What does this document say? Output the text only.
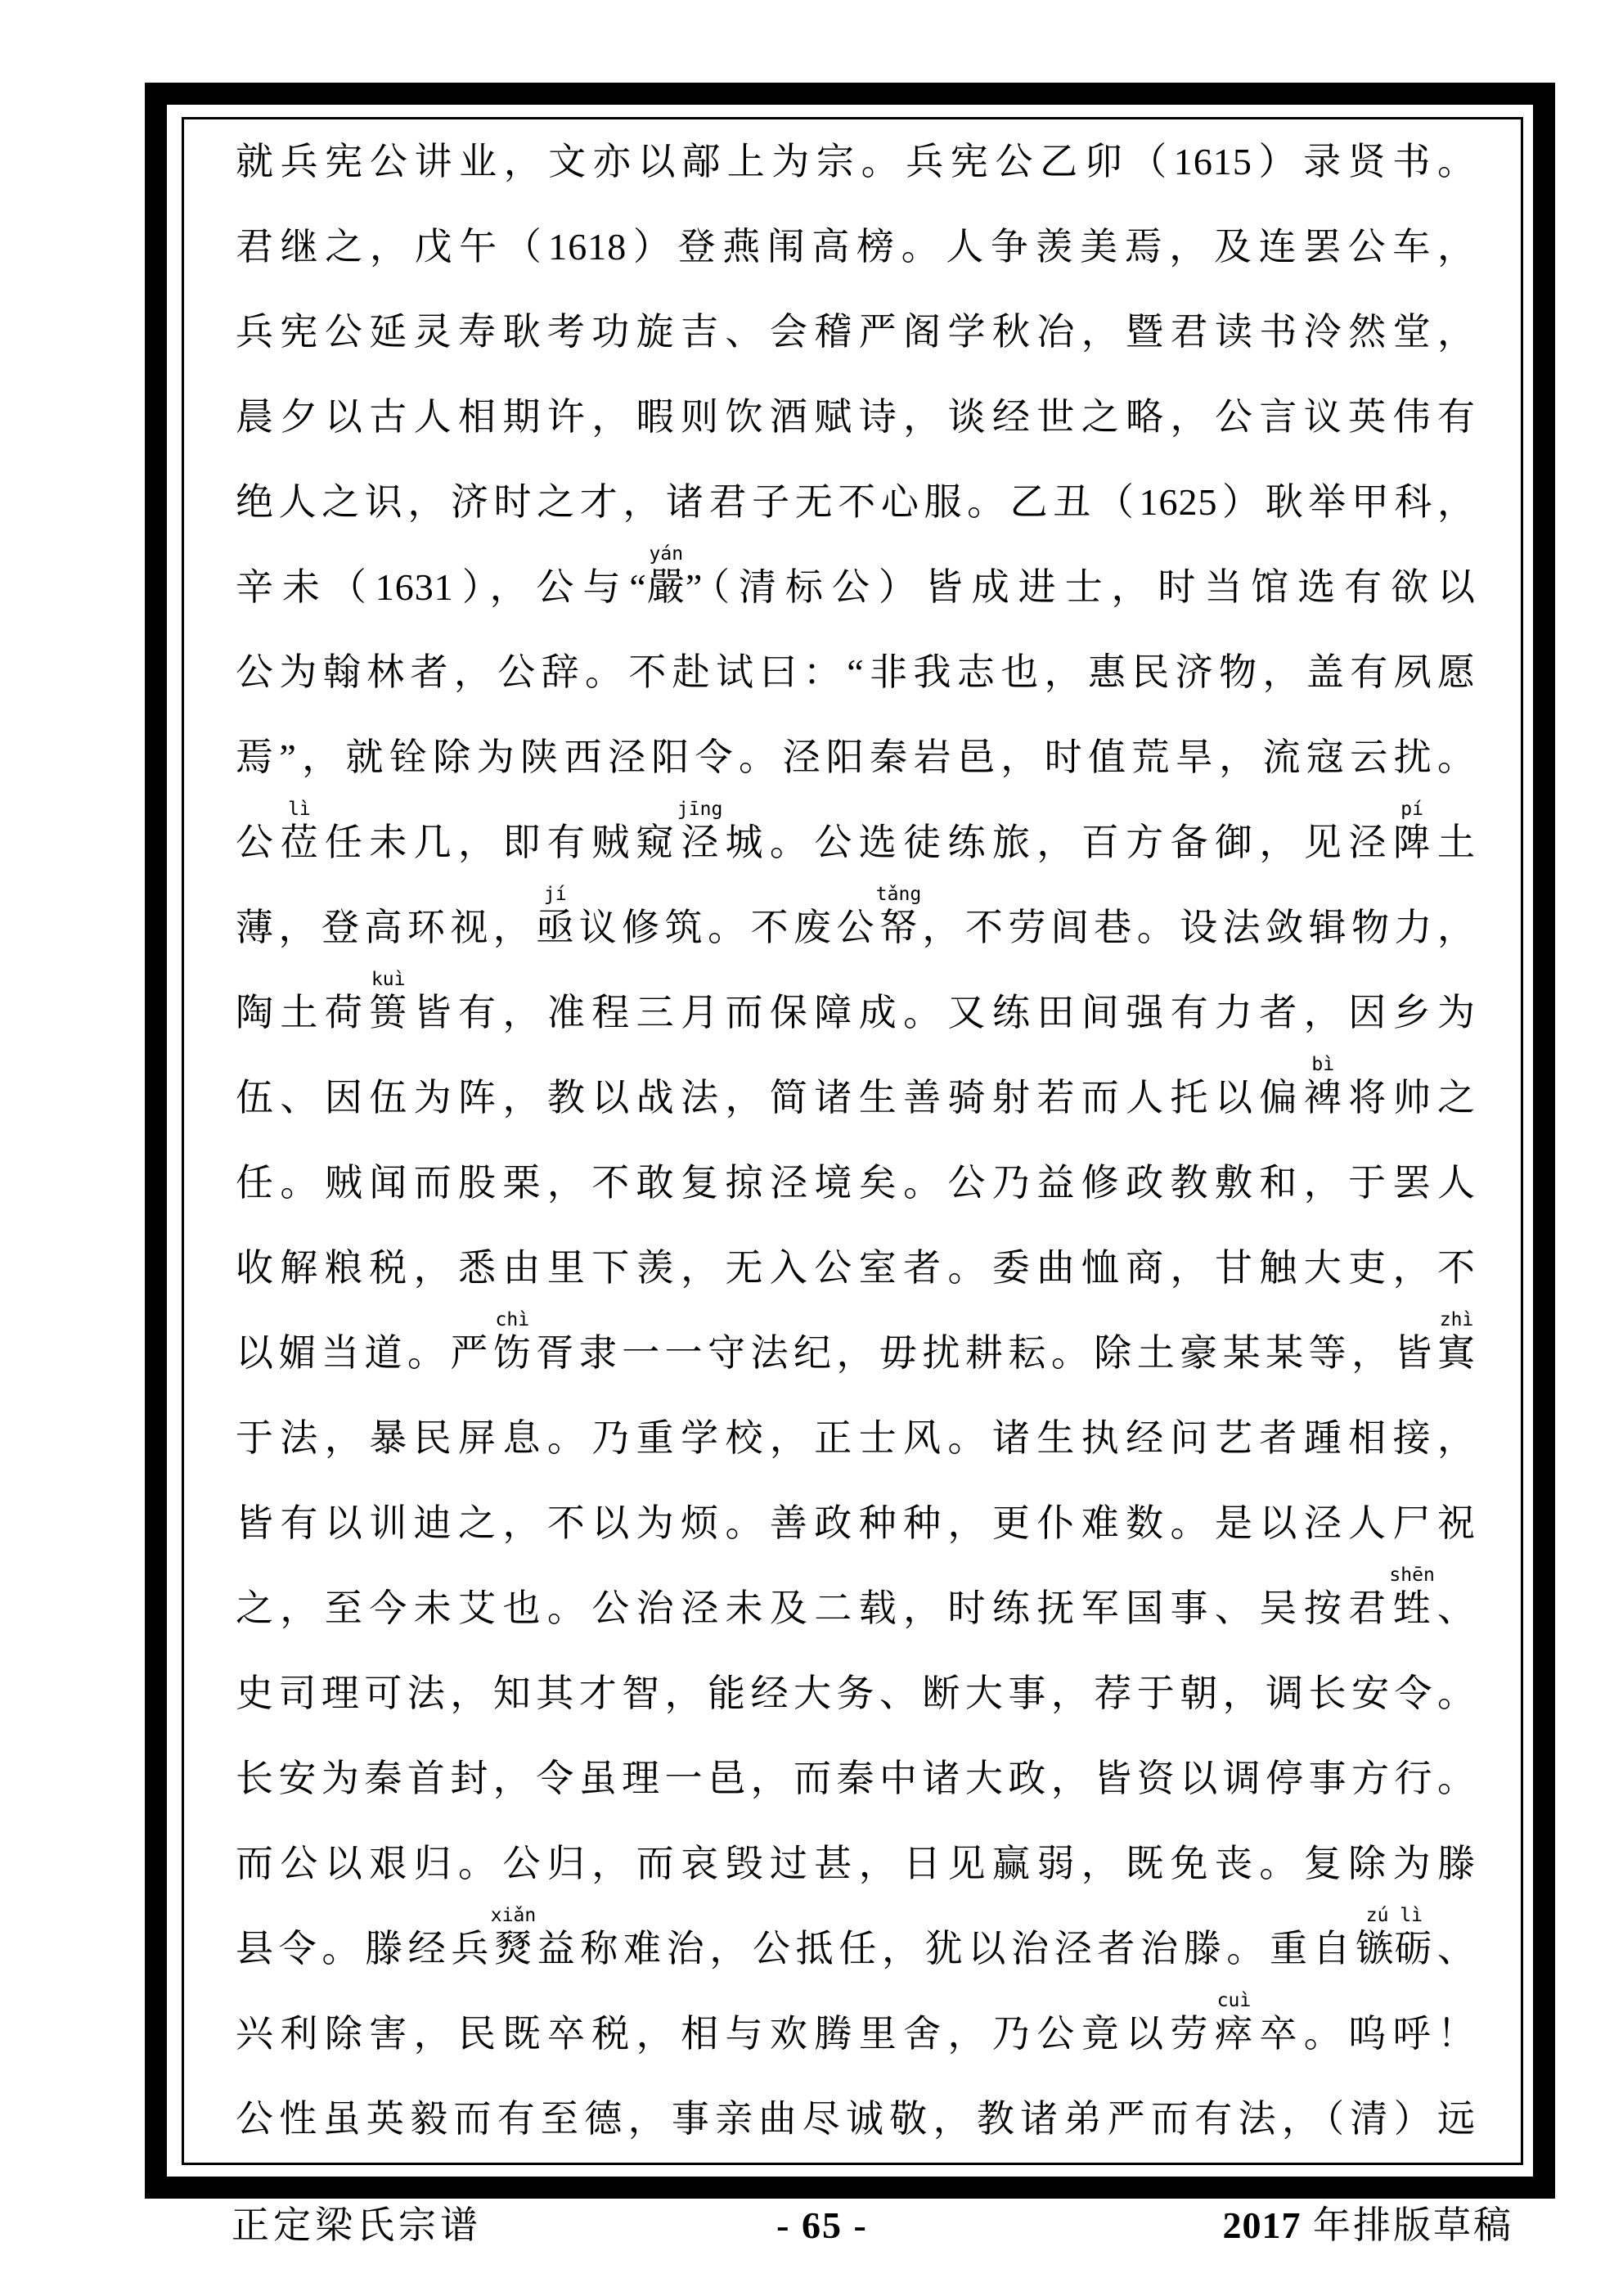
就兵宪公讲业，文亦以鄗上为宗。兵宪公乙卯（1615）录贤书。
君继之，戊午（1618）登燕闱高榜。人争羡美焉，及连罢公车，
兵宪公延灵寿耿考功旋吉、会稽严阁学秋冶，暨君读书泠然堂，
晨夕以古人相期许，暇则饮酒赋诗，谈经世之略，公言议英伟有
绝人之识，济时之才，诸君子无不心服。乙丑（1625）耿举甲科，
辛未（1631），公与“嚴
yán
”（清标公）皆成进士，时当馆选有欲以
公为翰林者，公辞。不赴试曰：“非我志也，惠民济物，盖有夙愿
焉”，就铨除为陕西泾阳令。泾阳秦岩邑，时值荒旱，流寇云扰。
公莅
lì
任未几，即有贼窥泾
jīng
城。公选徒练旅，百方备御，见泾陴
pí
土
薄，登高环视，亟
jí
议修筑。不废公帑
tǎng
，不劳闾巷。设法敛辑物力，
陶土荷篑
kuì
皆有，准程三月而保障成。又练田间强有力者，因乡为
伍、因伍为阵，教以战法，简诸生善骑射若而人托以偏裨
bì
将帅之
任。贼闻而股栗，不敢复掠泾境矣。公乃益修政教敷和，于罢人
收解粮税，悉由里下羡，无入公室者。委曲恤商，甘触大吏，不
以媚当道。严饬
chì
胥隶一一守法纪，毋扰耕耘。除土豪某某等，皆寘
zhì
于法，暴民屏息。乃重学校，正士风。诸生执经问艺者踵相接，
皆有以训迪之，不以为烦。善政种种，更仆难数。是以泾人尸祝
之，至今未艾也。公治泾未及二载，时练抚军国事、吴按君甡
shēn
、
史司理可法，知其才智，能经大务、断大事，荐于朝，调长安令。
长安为秦首封，令虽理一邑，而秦中诸大政，皆资以调停事方行。
而公以艰归。公归，而哀毁过甚，日见赢弱，既免丧。复除为滕
县令。滕经兵燹
xiǎn
益称难治，公抵任，犹以治泾者治滕。重自镞砺
zú lì
、
兴利除害，民既卒税，相与欢腾里舍，乃公竟以劳瘁
cuì
卒。呜呼！
公性虽英毅而有至德，事亲曲尽诚敬，教诸弟严而有法，（清）远
正定梁氏宗谱	- 65 -	2017 年排版草稿
